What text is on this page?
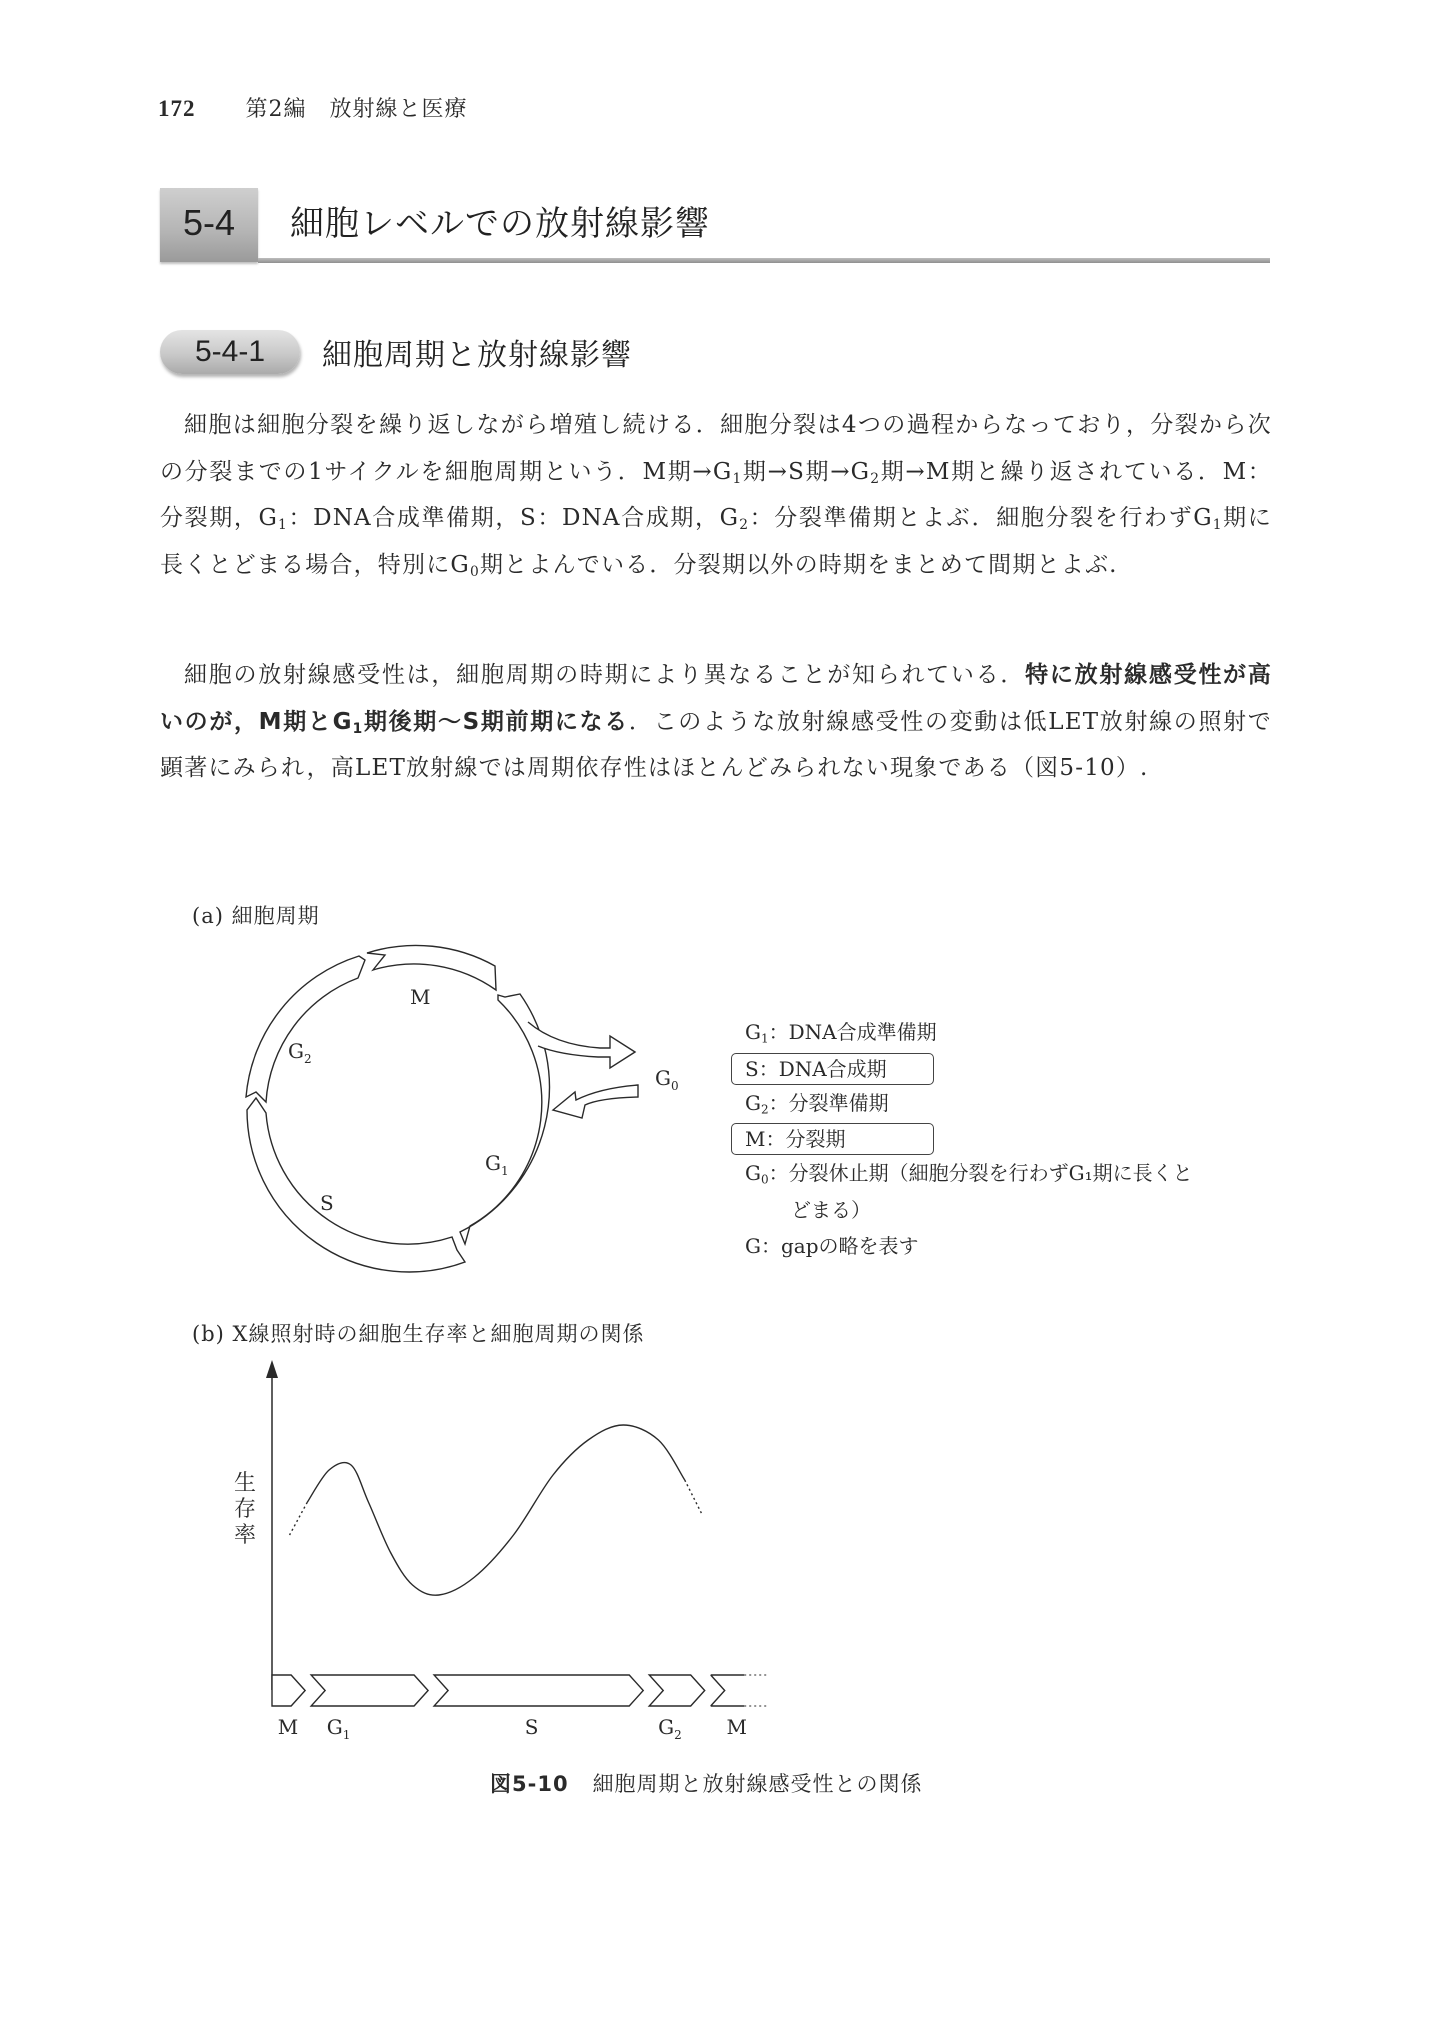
172 第2編　放射線と医療
5-4	細胞レベルでの放射線影響
5-4-1	細胞周期と放射線影響
細胞は細胞分裂を繰り返しながら増殖し続ける．細胞分裂は4つの過程からなっており，分裂から次の分裂までの1サイクルを細胞周期という．M期$\to G_1$期→S期$\to G_2$期→M期と繰り返されている．M：分裂期，$G_1$：DNA合成準備期，S：DNA合成期，$G_2$：分裂準備期とよぶ．細胞分裂を行わず$G_1$期に長くとどまる場合，特別に$G_0$期とよんでいる．分裂期以外の時期をまとめて間期とよぶ.
細胞の放射線感受性は，細胞周期の時期により異なることが知られている．特に放射線感受性が高いのが，M期と$G_1$期後期〜S期前期になる．このような放射線感受性の変動は低LET放射線の照射で顕著にみられ，高LET放射線では周期依存性はほとんどみられない現象である（図5-10）.
(a) 細胞周期
M
$G_2$
$G_1$
S
$G_0$
M $G_1$	S	$G_2$ M
生
存
率
$G_1$：DNA合成準備期
S：DNA合成期
$G_2$：分裂準備期
M：分裂期
$G_0$：分裂休止期（細胞分裂を行わずG₁期に長くと
どまる）
G：gapの略を表す
(b) X線照射時の細胞生存率と細胞周期の関係
図5-10 細胞周期と放射線感受性との関係
